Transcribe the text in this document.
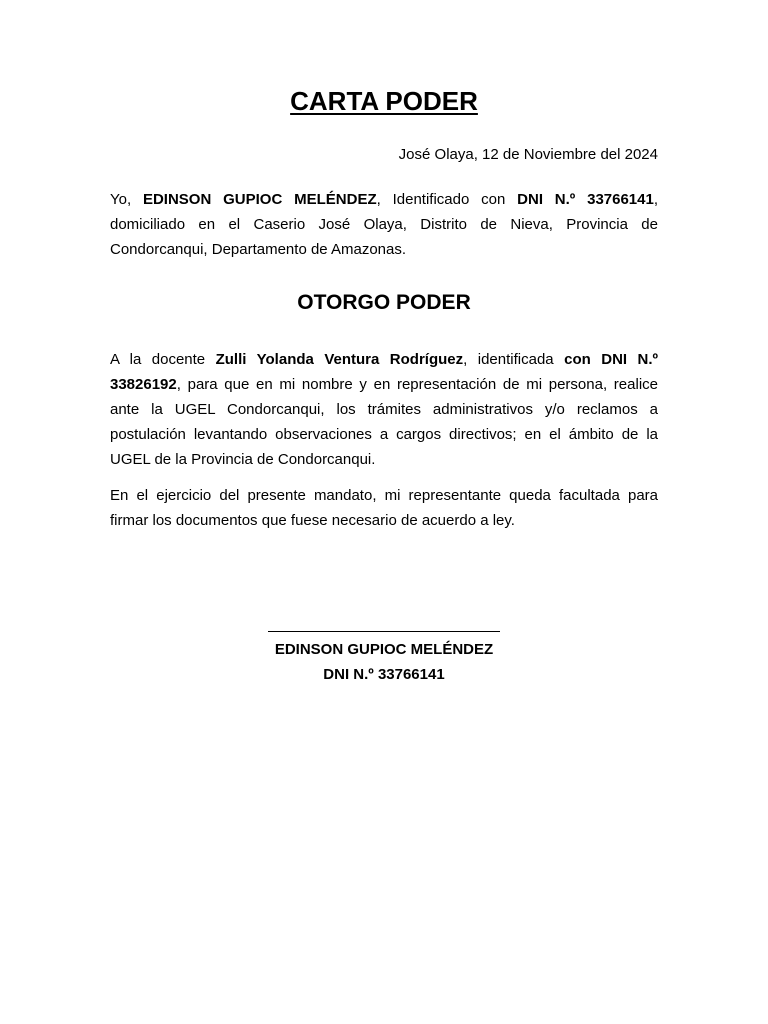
CARTA PODER

José Olaya, 12 de Noviembre del 2024

Yo, EDINSON GUPIOC MELÉNDEZ, Identificado con DNI N.º 33766141, domiciliado en el Caserio José Olaya, Distrito de Nieva, Provincia de Condorcanqui, Departamento de Amazonas.

OTORGO PODER

A la docente Zulli Yolanda Ventura Rodríguez, identificada con DNI N.º 33826192, para que en mi nombre y en representación de mi persona, realice ante la UGEL Condorcanqui, los trámites administrativos y/o reclamos a postulación levantando observaciones a cargos directivos; en el ámbito de la UGEL de la Provincia de Condorcanqui.

En el ejercicio del presente mandato, mi representante queda facultada para firmar los documentos que fuese necesario de acuerdo a ley.

EDINSON GUPIOC MELÉNDEZ

DNI N.º 33766141
